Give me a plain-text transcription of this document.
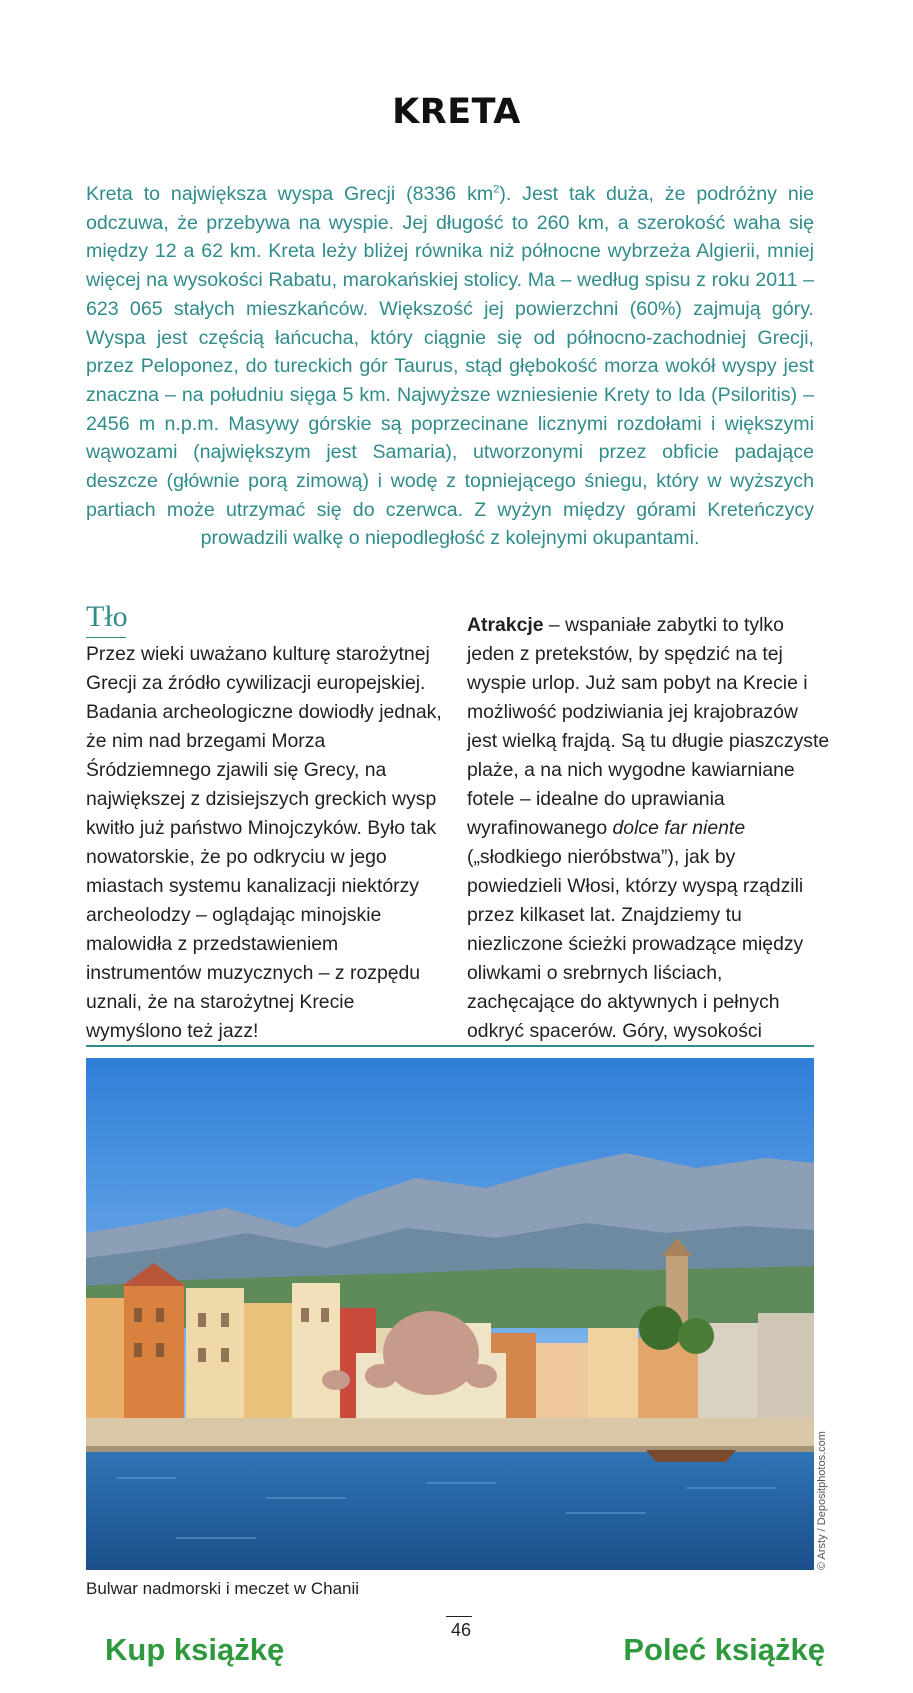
KRETA

Kreta to największa wyspa Grecji (8336 $km^2$). Jest tak duża, że podróżny nie odczuwa, że przebywa na wyspie. Jej długość to 260 km, a szerokość waha się między 12 a 62 km. Kreta leży bliżej równika niż północne wybrzeża Algierii, mniej więcej na wysokości Rabatu, marokańskiej stolicy. Ma – według spisu z roku 2011 – 623 065 stałych mieszkańców. Większość jej powierzchni (60%) zajmują góry. Wyspa jest częścią łańcucha, który ciągnie się od północno-zachodniej Grecji, przez Peloponez, do tureckich gór Taurus, stąd głębokość morza wokół wyspy jest znaczna – na południu sięga 5 km. Najwyższe wzniesienie Krety to Ida (Psiloritis) – 2456 m n.p.m. Masywy górskie są poprzecinane licznymi rozdołami i większymi wąwozami (największym jest Samaria), utworzonymi przez obficie padające deszcze (głównie porą zimową) i wodę z topniejącego śniegu, który w wyższych partiach może utrzymać się do czerwca. Z wyżyn między górami Kreteńczycy prowadzili walkę o niepodległość z kolejnymi okupantami.

Tło

Przez wieki uważano kulturę starożytnej Grecji za źródło cywilizacji europejskiej. Badania archeologiczne dowiodły jednak, że nim nad brzegami Morza Śródziemnego zjawili się Grecy, na największej z dzisiejszych greckich wysp kwitło już państwo Minojczyków. Było tak nowatorskie, że po odkryciu w jego miastach systemu kanalizacji niektórzy archeolodzy – oglądając minojskie malowidła z przedstawieniem instrumentów muzycznych – z rozpędu uznali, że na starożytnej Krecie wymyślono też jazz!

Atrakcje – wspaniałe zabytki to tylko jeden z pretekstów, by spędzić na tej wyspie urlop. Już sam pobyt na Krecie i możliwość podziwiania jej krajobrazów jest wielką frajdą. Są tu długie piaszczyste plaże, a na nich wygodne kawiarniane fotele – idealne do uprawiania wyrafinowanego dolce far niente („słodkiego nieróbstwa”), jak by powiedzieli Włosi, którzy wyspą rządzili przez kilkaset lat. Znajdziemy tu niezliczone ścieżki prowadzące między oliwkami o srebrnych liściach, zachęcające do aktywnych i pełnych odkryć spacerów. Góry, wysokości

© Arsty / Depositphotos.com
Bulwar nadmorski i meczet w Chanii
46
Kup książkę	Poleć książkę
